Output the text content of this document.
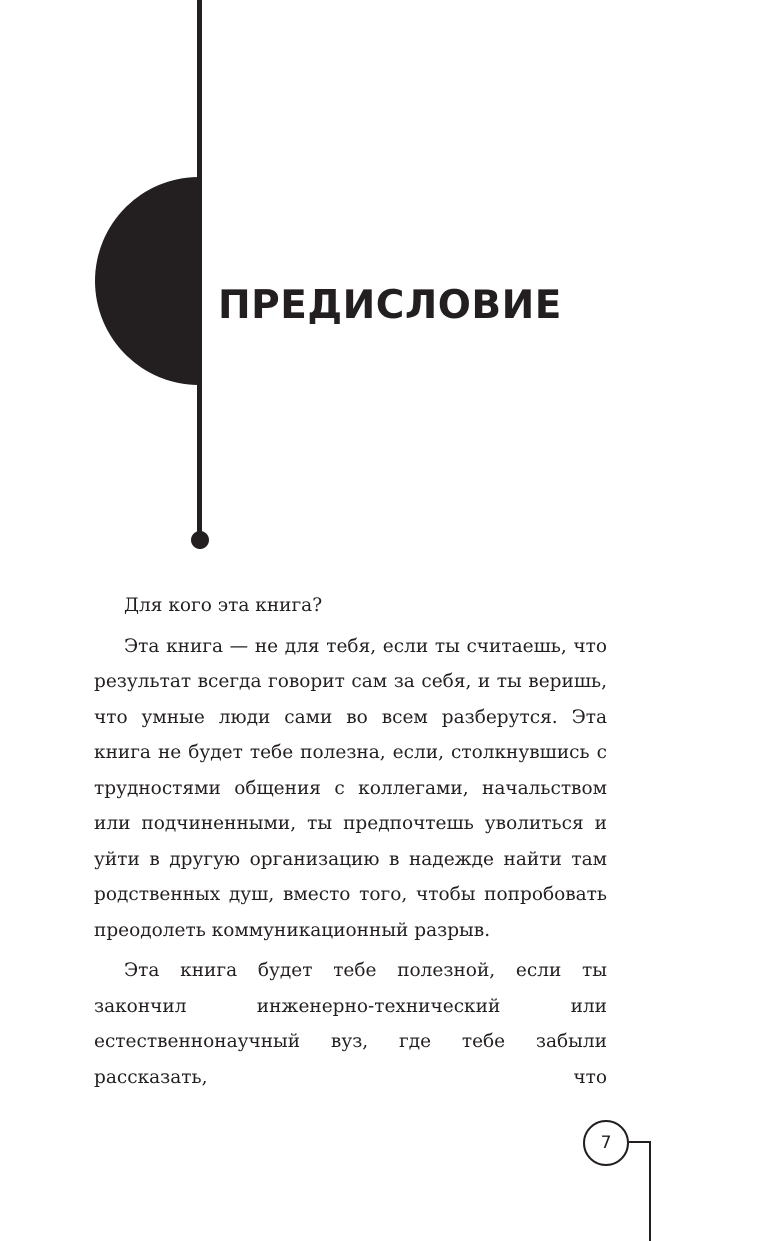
ПРЕДИСЛОВИЕ

Для кого эта книга?

Эта книга — не для тебя, если ты считаешь, что результат всегда говорит сам за себя, и ты веришь, что умные люди сами во всем разберутся. Эта книга не будет тебе полезна, если, столкнувшись с трудностями общения с коллегами, начальством или подчиненными, ты предпочтешь уволиться и уйти в другую организацию в надежде найти там родственных душ, вместо того, чтобы попробовать преодолеть коммуникационный разрыв.

Эта книга будет тебе полезной, если ты закончил инженерно-технический или естественнонаучный вуз, где тебе забыли рассказать, что

7
